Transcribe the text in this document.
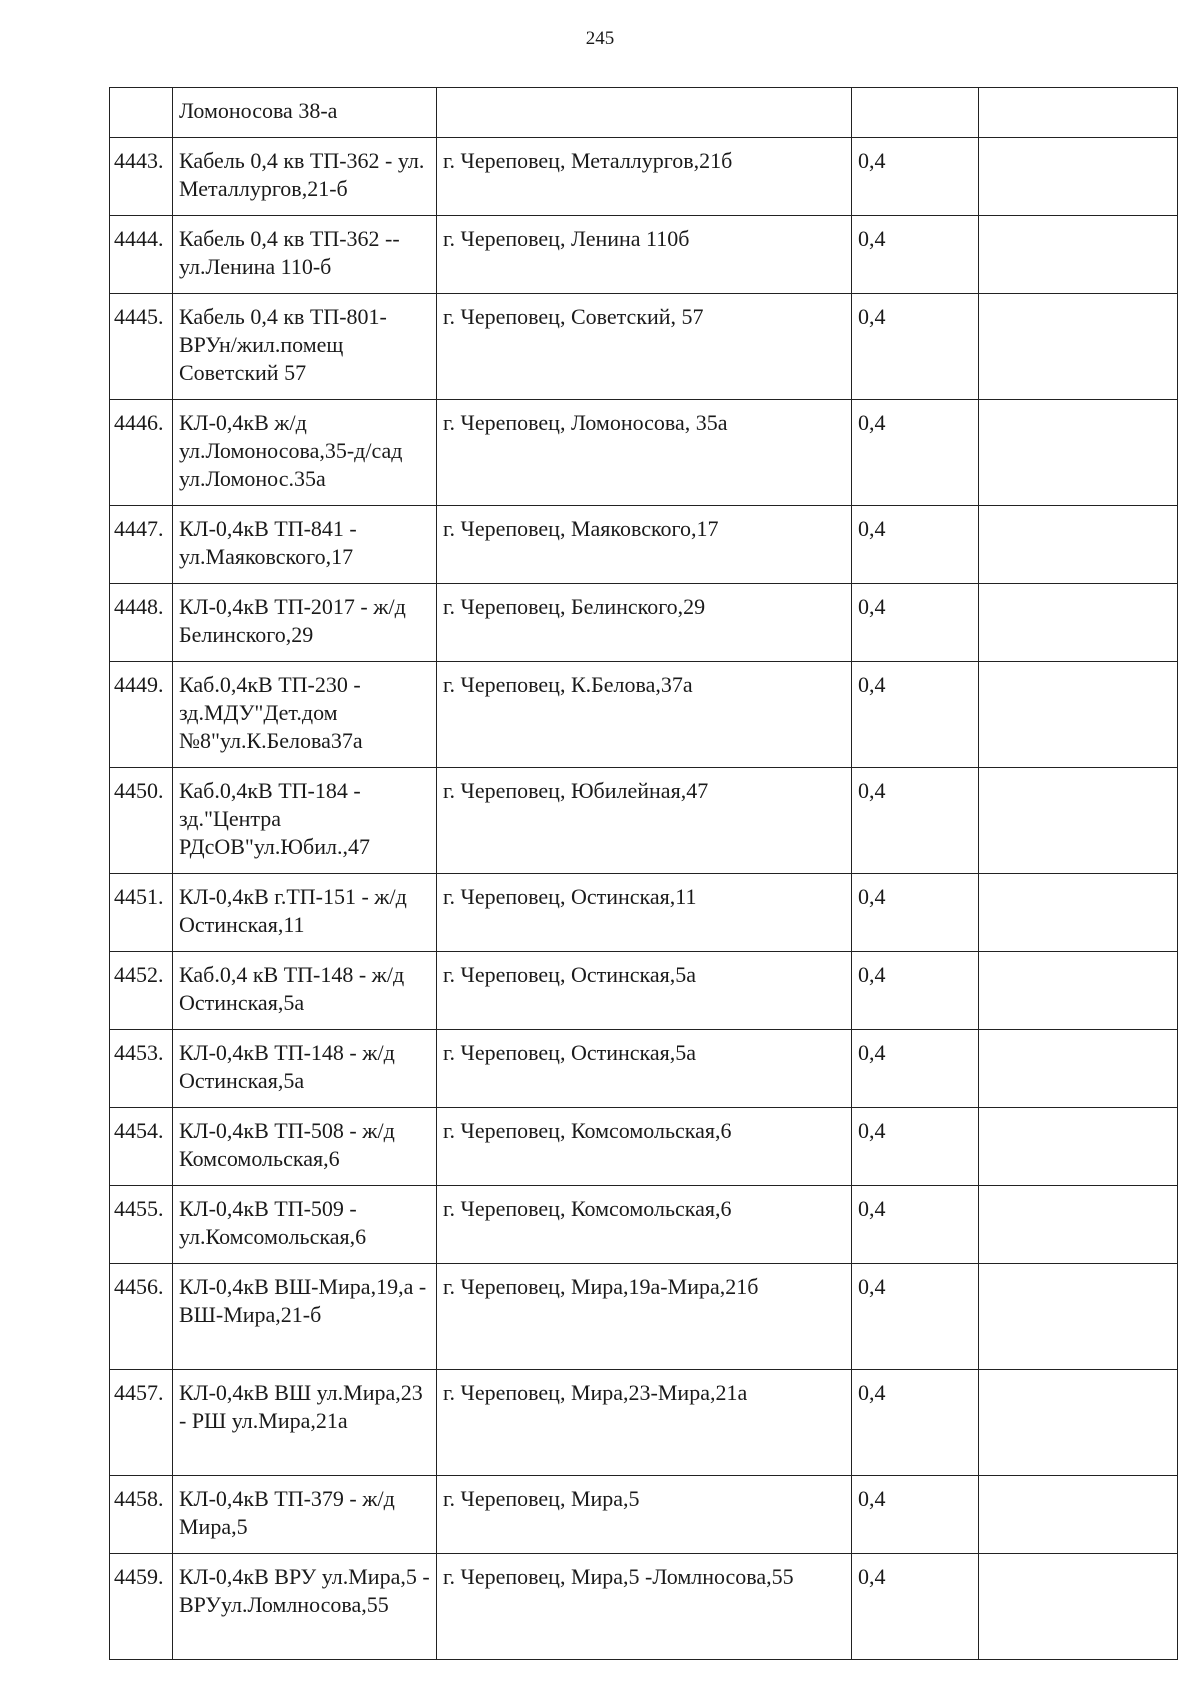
245
	Ломоносова 38-а			
4443.	Кабель 0,4 кв ТП-362 - ул. Металлургов,21-б	г. Череповец, Металлургов,21б	0,4	
4444.	Кабель 0,4 кв ТП-362 -- ул.Ленина 110-б	г. Череповец, Ленина 110б	0,4	
4445.	Кабель 0,4 кв ТП-801- ВРУн/жил.помещ Советский 57	г. Череповец, Советский, 57	0,4	
4446.	КЛ-0,4кВ ж/д ул.Ломоносова,35-д/сад ул.Ломонос.35а	г. Череповец, Ломоносова, 35а	0,4	
4447.	КЛ-0,4кВ ТП-841 - ул.Маяковского,17	г. Череповец, Маяковского,17	0,4	
4448.	КЛ-0,4кВ ТП-2017 - ж/д Белинского,29	г. Череповец, Белинского,29	0,4	
4449.	Каб.0,4кВ ТП-230 - зд.МДУ"Дет.дом №8"ул.К.Белова37а	г. Череповец, К.Белова,37а	0,4	
4450.	Каб.0,4кВ ТП-184 - зд."Центра РДсОВ"ул.Юбил.,47	г. Череповец, Юбилейная,47	0,4	
4451.	КЛ-0,4кВ г.ТП-151 - ж/д Остинская,11	г. Череповец, Остинская,11	0,4	
4452.	Каб.0,4 кВ ТП-148 - ж/д Остинская,5а	г. Череповец, Остинская,5а	0,4	
4453.	КЛ-0,4кВ ТП-148 - ж/д Остинская,5а	г. Череповец, Остинская,5а	0,4	
4454.	КЛ-0,4кВ ТП-508 - ж/д Комсомольская,6	г. Череповец, Комсомольская,6	0,4	
4455.	КЛ-0,4кВ ТП-509 - ул.Комсомольская,6	г. Череповец, Комсомольская,6	0,4	
4456.	КЛ-0,4кВ ВШ-Мира,19,а - ВШ-Мира,21-б	г. Череповец, Мира,19а-Мира,21б	0,4	
4457.	КЛ-0,4кВ ВШ ул.Мира,23 - РШ ул.Мира,21а	г. Череповец, Мира,23-Мира,21а	0,4	
4458.	КЛ-0,4кВ ТП-379 - ж/д Мира,5	г. Череповец, Мира,5	0,4	
4459.	КЛ-0,4кВ ВРУ ул.Мира,5 - ВРУул.Ломлносова,55	г. Череповец, Мира,5 -Ломлносова,55	0,4	
